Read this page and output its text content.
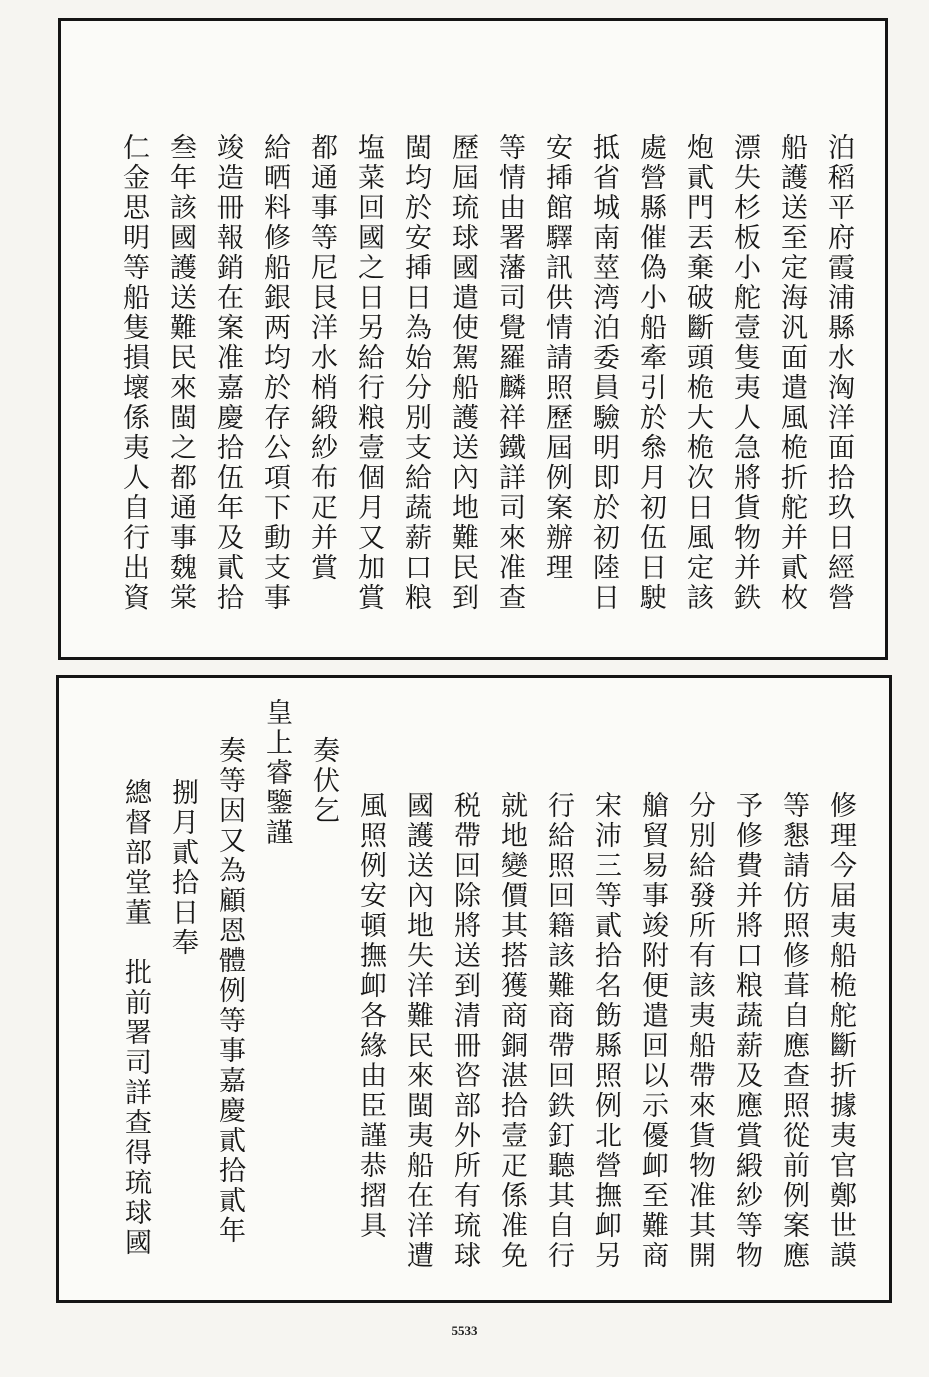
泊稻平府霞浦縣水洶洋面拾玖日經營
船護送至定海汎面遣風桅折舵并貳枚
漂失杉板小舵壹隻夷人急將貨物并鉄
炮貳門丟棄破斷頭桅大桅次日風定該
處營縣催偽小船牽引於叅月初伍日駛
抵省城南莖湾泊委員驗明即於初陸日
安揷館驛訊供情請照歷屆例案辦理
等情由署藩司覺羅麟祥鐵詳司來准查
歷屆琉球國遣使駕船護送內地難民到
閩均於安揷日為始分別支給蔬薪口粮
塩菜回國之日另給行粮壹個月又加賞
都通事等尼艮洋水梢緞紗布疋并賞
給晒料修船銀两均於存公項下動支事
竣造冊報銷在案准嘉慶拾伍年及貳拾
叁年該國護送難民來閩之都通事魏棠
仁金思明等船隻損壞係夷人自行出資
修理今届夷船桅舵斷折據夷官鄭世謨
等懇請仿照修葺自應查照從前例案應
予修費并將口粮蔬薪及應賞緞紗等物
分別給發所有該夷船帶來貨物准其開
艙貿易事竣附便遣回以示優卹至難商
宋沛三等貳拾名飭縣照例北營撫卹另
行給照回籍該難商帶回鉄釘聽其自行
就地變價其搭獲商銅湛拾壹疋係准免
税帶回除將送到清冊咨部外所有琉球
國護送內地失洋難民來閩夷船在洋遭
風照例安頓撫卹各緣由臣謹恭摺具
奏伏乞
皇上睿鑒謹
奏等因又為顧恩體例等事嘉慶貳拾貳年
捌月貳拾日奉
總督部堂董　批前署司詳查得琉球國
5533
